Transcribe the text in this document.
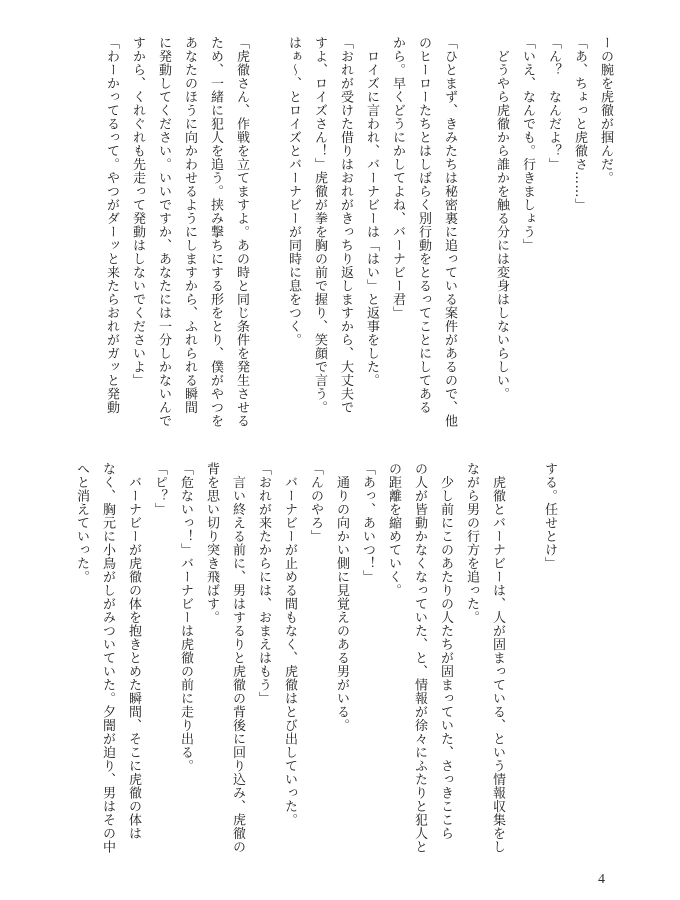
ーの腕を虎徹が掴んだ。
「あ、ちょっと虎徹さ……」
「ん？　なんだよ？」
「いえ、なんでも。行きましょう」
　どうやら虎徹から誰かを触る分には変身はしないらしい。
「ひとまず、きみたちは秘密裏に追っている案件があるので、他
のヒーローたちとはしばらく別行動をとるってことにしてある
から。早くどうにかしてよね、バーナビー君」
　ロイズに言われ、バーナビーは「はい」と返事をした。
「おれが受けた借りはおれがきっちり返しますから、大丈夫で
すよ、ロイズさん！」虎徹が拳を胸の前で握り、笑顔で言う。
はぁ～、とロイズとバーナビーが同時に息をつく。
「虎徹さん、作戦を立てますよ。あの時と同じ条件を発生させる
ため、一緒に犯人を追う。挟み撃ちにする形をとり、僕がやつを
あなたのほうに向かわせるようにしますから、ふれられる瞬間
に発動してください。いいですか、あなたには一分しかないんで
すから、くれぐれも先走って発動はしないでくださいよ」
「わーかってるって。やつがダーッと来たらおれがガッと発動
する。任せとけ」
　虎徹とバーナビーは、人が固まっている、という情報収集をし
ながら男の行方を追った。
　少し前にこのあたりの人たちが固まっていた、さっきここら
の人が皆動かなくなっていた、と、情報が徐々にふたりと犯人と
の距離を縮めていく。
「あっ、あいつ！」
　通りの向かい側に見覚えのある男がいる。
「んのやろ」
　バーナビーが止める間もなく、虎徹はとび出していった。
「おれが来たからには、おまえはもう」
　言い終える前に、男はするりと虎徹の背後に回り込み、虎徹の
背を思い切り突き飛ばす。
「危ないっ！」バーナビーは虎徹の前に走り出る。
「ピ？」
　バーナビーが虎徹の体を抱きとめた瞬間、そこに虎徹の体は
なく、胸元に小鳥がしがみついていた。夕闇が迫り、男はその中
へと消えていった。
4
